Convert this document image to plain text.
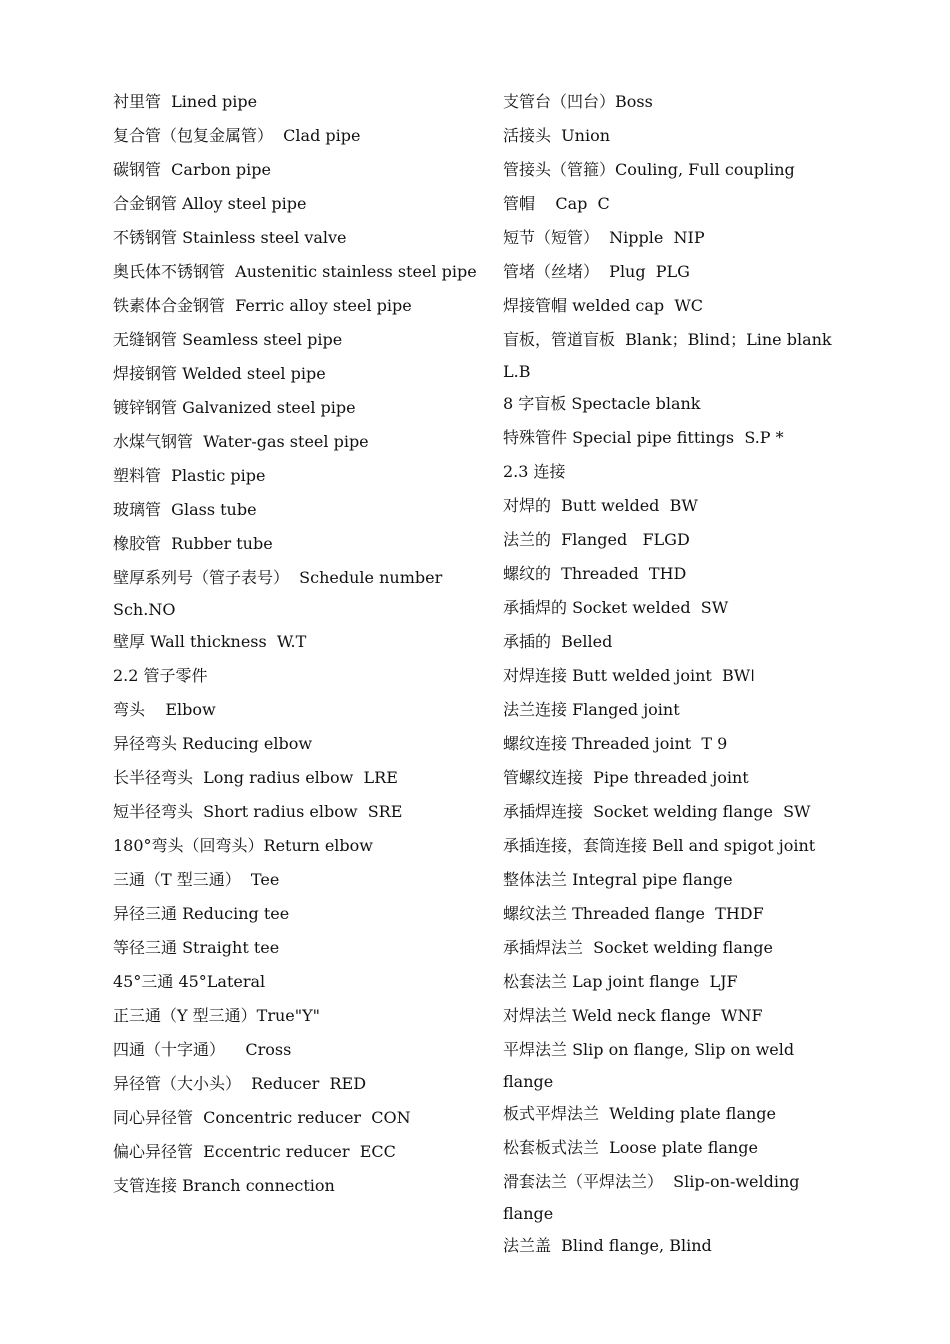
衬里管  Lined pipe
复合管（包复金属管）  Clad pipe
碳钢管  Carbon pipe
合金钢管 Alloy steel pipe
不锈钢管 Stainless steel valve
奥氏体不锈钢管  Austenitic stainless steel pipe
铁素体合金钢管  Ferric alloy steel pipe
无缝钢管 Seamless steel pipe
焊接钢管 Welded steel pipe
镀锌钢管 Galvanized steel pipe
水煤气钢管  Water-gas steel pipe
塑料管  Plastic pipe
玻璃管  Glass tube
橡胶管  Rubber tube
壁厚系列号（管子表号）  Schedule number Sch.NO
壁厚 Wall thickness  W.T
2.2 管子零件
弯头    Elbow
异径弯头 Reducing elbow
长半径弯头  Long radius elbow  LRE
短半径弯头  Short radius elbow  SRE
180°弯头（回弯头）Return elbow
三通（T 型三通）  Tee
异径三通 Reducing tee
等径三通 Straight tee
45°三通 45°Lateral
正三通（Y 型三通）True"Y"
四通（十字通）    Cross
异径管（大小头）  Reducer  RED
同心异径管  Concentric reducer  CON
偏心异径管  Eccentric reducer  ECC
支管连接 Branch connection
支管台（凹台）Boss
活接头  Union
管接头（管箍）Couling, Full coupling
管帽    Cap  C
短节（短管）  Nipple  NIP
管堵（丝堵）  Plug  PLG
焊接管帽 welded cap  WC
盲板，管道盲板  Blank；Blind；Line blank L.B
8 字盲板 Spectacle blank
特殊管件 Special pipe fittings  S.P *
2.3 连接
对焊的  Butt welded  BW
法兰的  Flanged   FLGD
螺纹的  Threaded  THD
承插焊的 Socket welded  SW
承插的  Belled
对焊连接 Butt welded joint  BWǀ
法兰连接 Flanged joint
螺纹连接 Threaded joint  T 9
管螺纹连接  Pipe threaded joint
承插焊连接  Socket welding flange  SW
承插连接，套筒连接 Bell and spigot joint
整体法兰 Integral pipe flange
螺纹法兰 Threaded flange  THDF
承插焊法兰  Socket welding flange
松套法兰 Lap joint flange  LJF
对焊法兰 Weld neck flange  WNF
平焊法兰 Slip on flange, Slip on weld flange
板式平焊法兰  Welding plate flange
松套板式法兰  Loose plate flange
滑套法兰（平焊法兰）  Slip-on-welding flange
法兰盖  Blind flange, Blind
